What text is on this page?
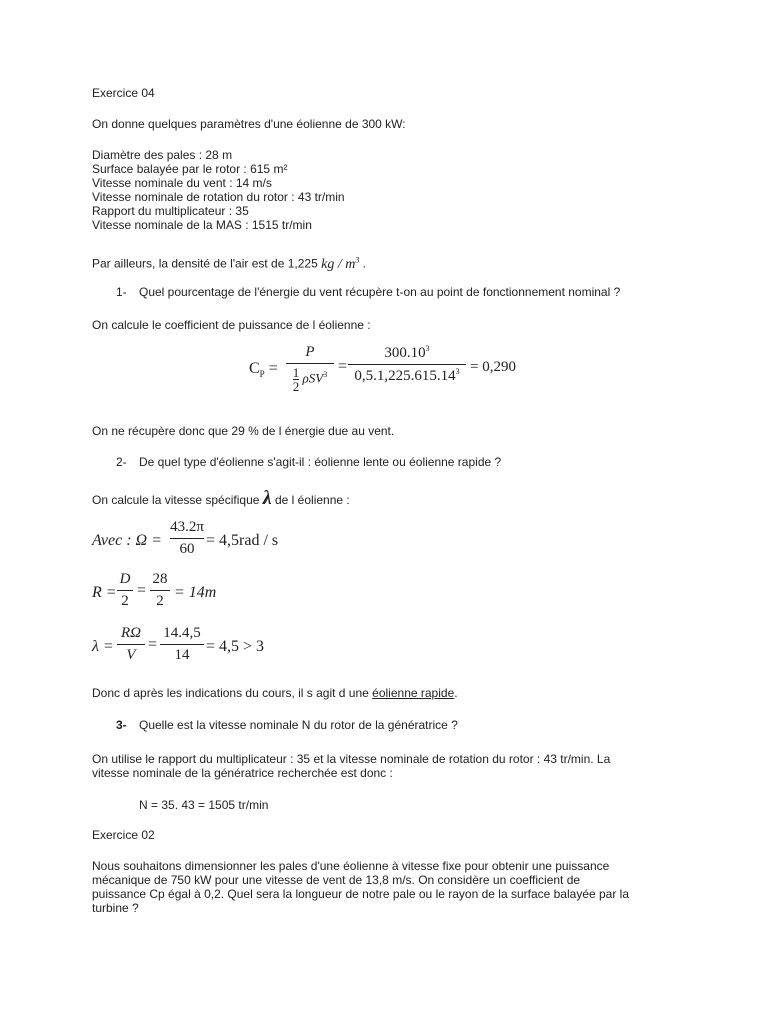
Exercice 04
On donne quelques paramètres d'une éolienne de 300 kW:
Diamètre des pales : 28 m
Surface balayée par le rotor : 615 m²
Vitesse nominale du vent : 14 m/s
Vitesse nominale de rotation du rotor : 43 tr/min
Rapport du multiplicateur : 35
Vitesse nominale de la MAS : 1515 tr/min
Par ailleurs, la densité de l'air est de 1,225 kg / $m^3$ .
1- Quel pourcentage de l'énergie du vent récupère t-on au point de fonctionnement nominal ?
On calcule le coefficient de puissance de l éolienne :
$C_P$ =
P
$\frac{1}{2} \rho SV^3$ =
$300.10^3$
$0,5.1,225.615.14^3 = 0,290$
On ne récupère donc que 29 % de l énergie due au vent.
2- De quel type d'éolienne s'agit-il : éolienne lente ou éolienne rapide ?
On calcule la vitesse spécifique λ de l éolienne :
Avec : Ω =
43.2π
60 = 4,5rad / s
R =
D
2
=
28
2 = 14m
λ =
RΩ
V
=
14.4,5
14	= 4,5 > 3
Donc d après les indications du cours, il s agit d une éolienne rapide.
3- Quelle est la vitesse nominale N du rotor de la génératrice ?
On utilise le rapport du multiplicateur : 35 et la vitesse nominale de rotation du rotor : 43 tr/min. La
vitesse nominale de la génératrice recherchée est donc :
N = 35. 43 = 1505 tr/min
Exercice 02
Nous souhaitons dimensionner les pales d'une éolienne à vitesse fixe pour obtenir une puissance
mécanique de 750 kW pour une vitesse de vent de 13,8 m/s. On considère un coefficient de
puissance Cp égal à 0,2. Quel sera la longueur de notre pale ou le rayon de la surface balayée par la
turbine ?
